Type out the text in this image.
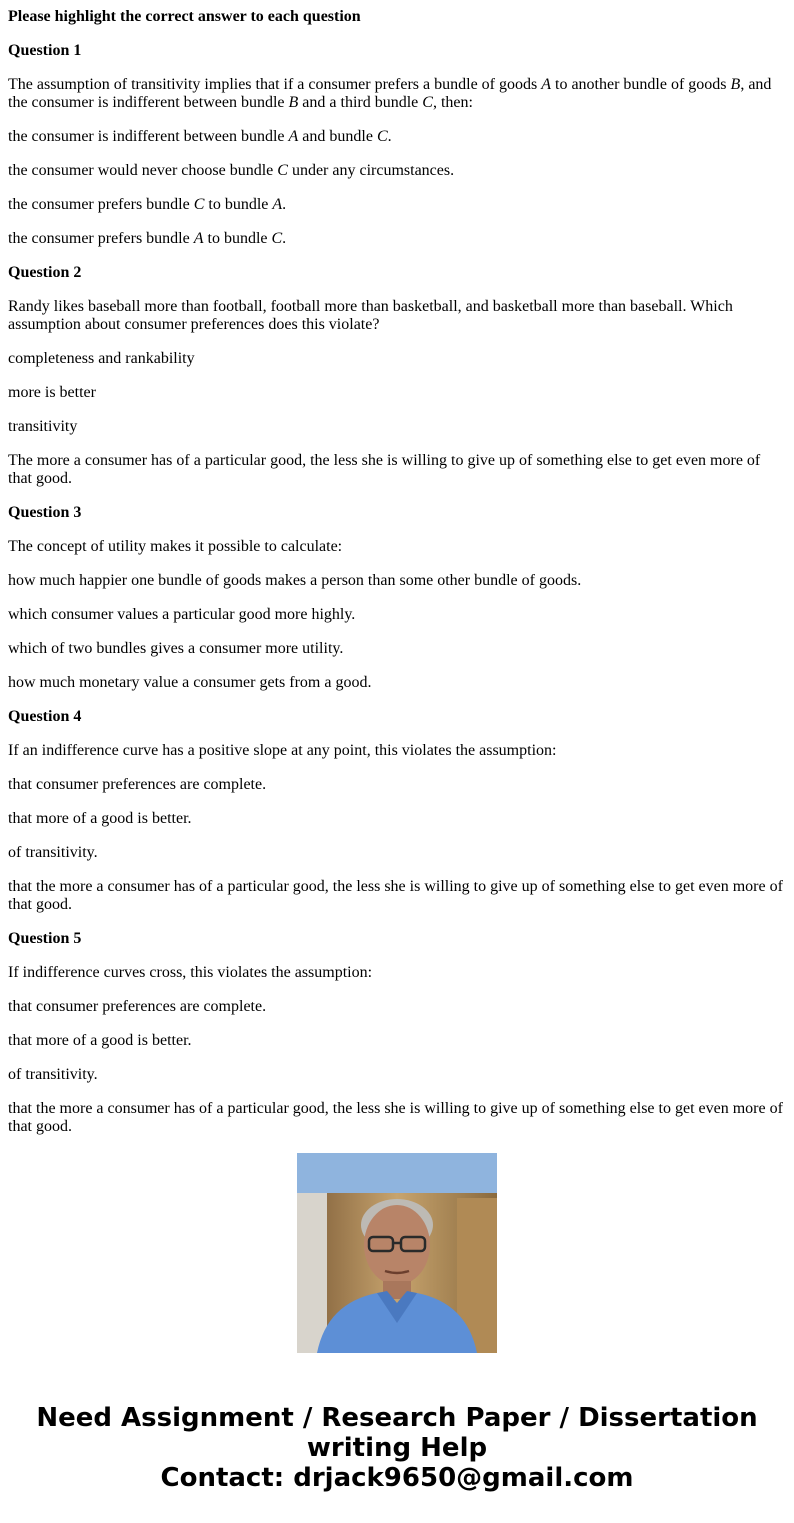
Please highlight the correct answer to each question

Question 1

The assumption of transitivity implies that if a consumer prefers a bundle of goods A to another bundle of goods B, and the consumer is indifferent between bundle B and a third bundle C, then:

the consumer is indifferent between bundle A and bundle C.

the consumer would never choose bundle C under any circumstances.

the consumer prefers bundle C to bundle A.

the consumer prefers bundle A to bundle C.

Question 2

Randy likes baseball more than football, football more than basketball, and basketball more than baseball. Which assumption about consumer preferences does this violate?

completeness and rankability

more is better

transitivity

The more a consumer has of a particular good, the less she is willing to give up of something else to get even more of that good.

Question 3

The concept of utility makes it possible to calculate:

how much happier one bundle of goods makes a person than some other bundle of goods.

which consumer values a particular good more highly.

which of two bundles gives a consumer more utility.

how much monetary value a consumer gets from a good.

Question 4

If an indifference curve has a positive slope at any point, this violates the assumption:

that consumer preferences are complete.

that more of a good is better.

of transitivity.

that the more a consumer has of a particular good, the less she is willing to give up of something else to get even more of that good.

Question 5

If indifference curves cross, this violates the assumption:

that consumer preferences are complete.

that more of a good is better.

of transitivity.

that the more a consumer has of a particular good, the less she is willing to give up of something else to get even more of that good.

Need Assignment / Research Paper / Dissertation
writing Help
Contact: drjack9650@gmail.com
